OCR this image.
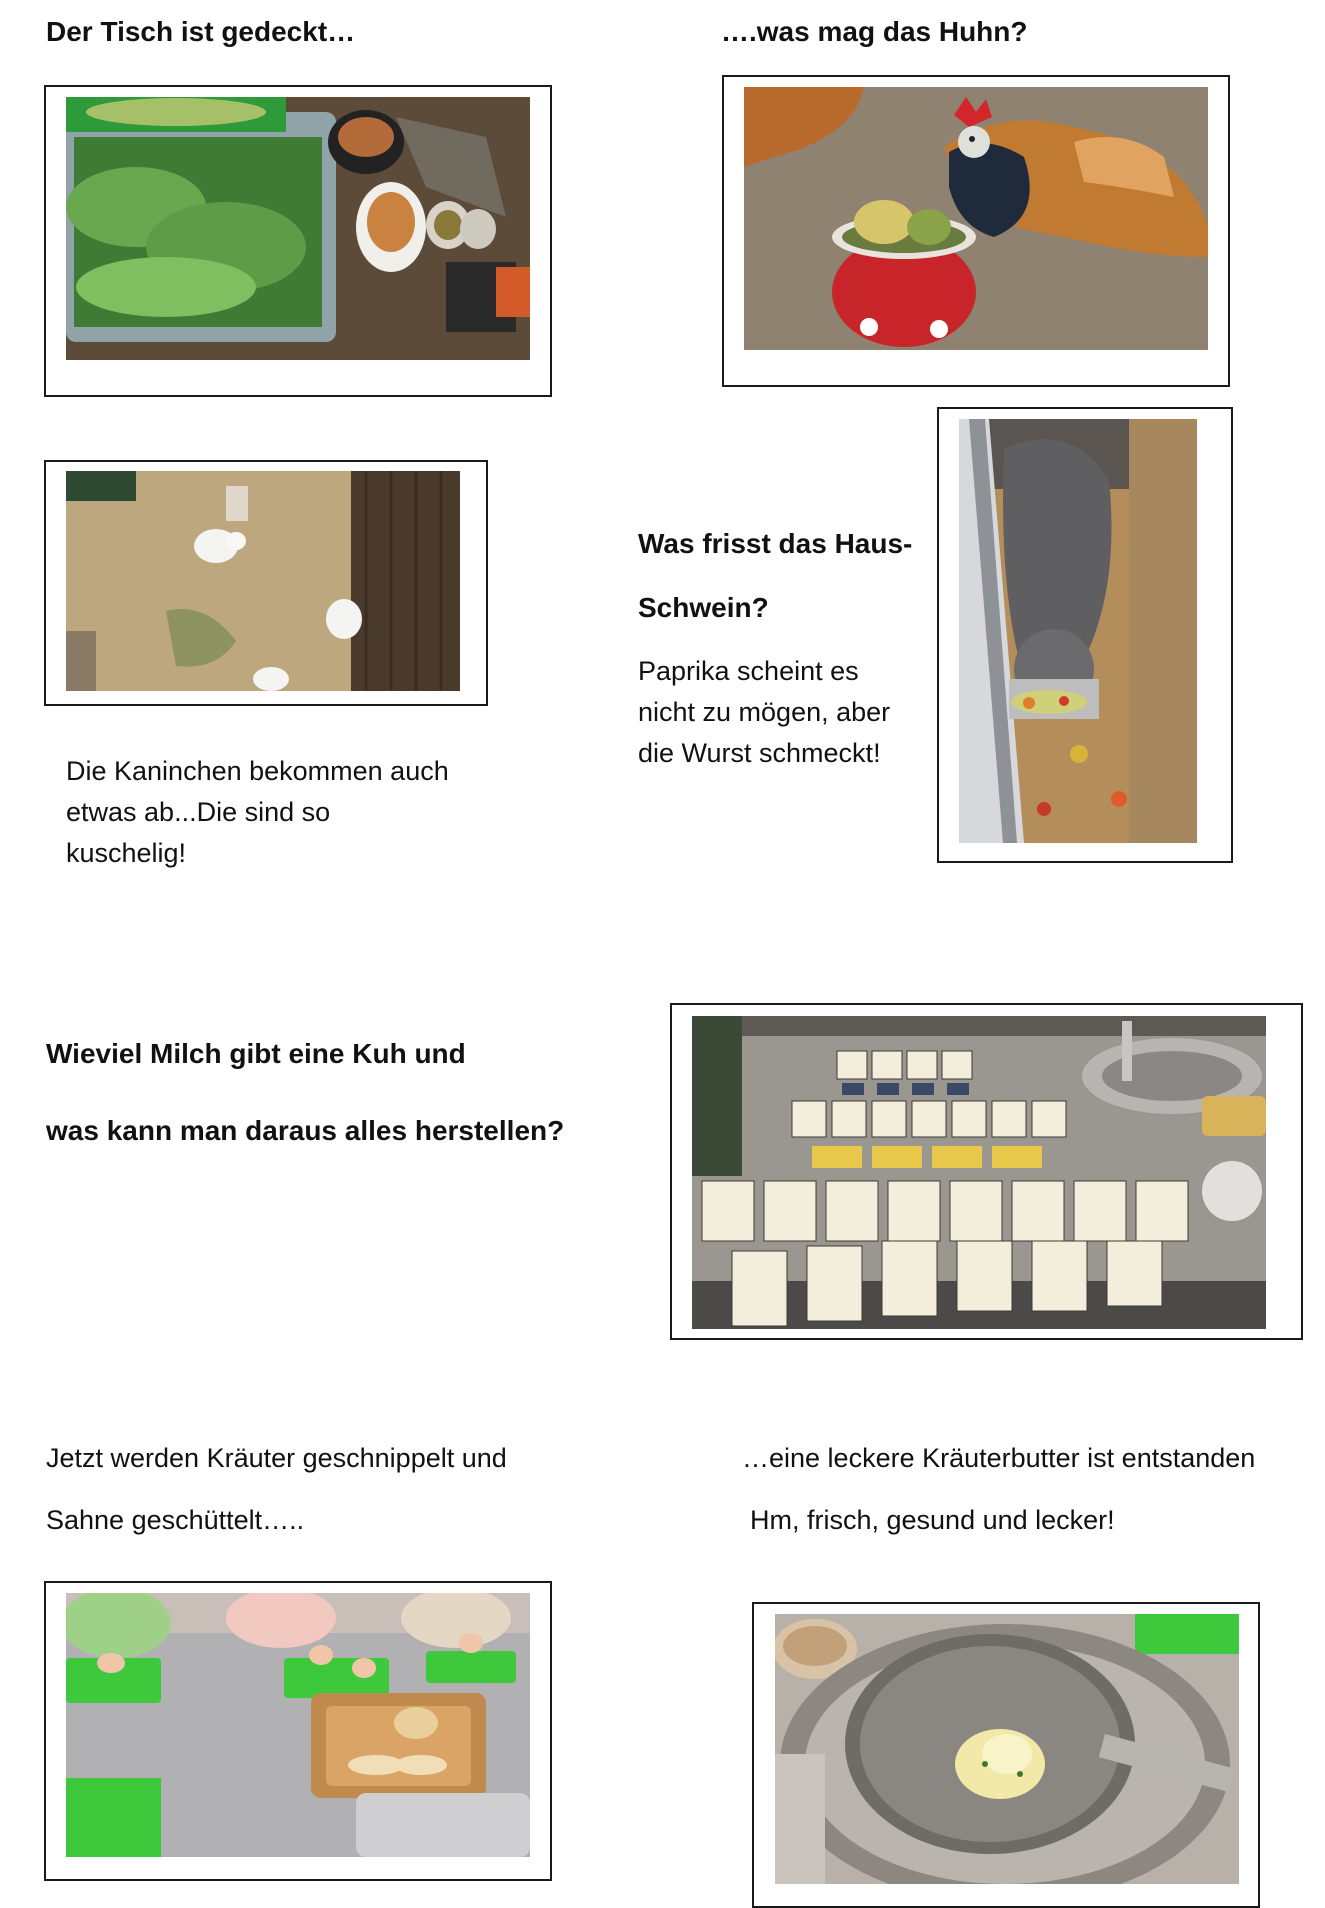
Der Tisch ist gedeckt…	….was mag das Huhn?

Die Kaninchen bekommen auch

etwas ab...Die sind so

kuschelig!

Was frisst das Haus-

Schwein?

Paprika scheint es

nicht zu mögen, aber

die Wurst schmeckt!

Wieviel Milch gibt eine Kuh und

was kann man daraus alles herstellen?

Jetzt werden Kräuter geschnippelt und

Sahne geschüttelt…..

…eine leckere Kräuterbutter ist entstanden

Hm, frisch, gesund und lecker!
